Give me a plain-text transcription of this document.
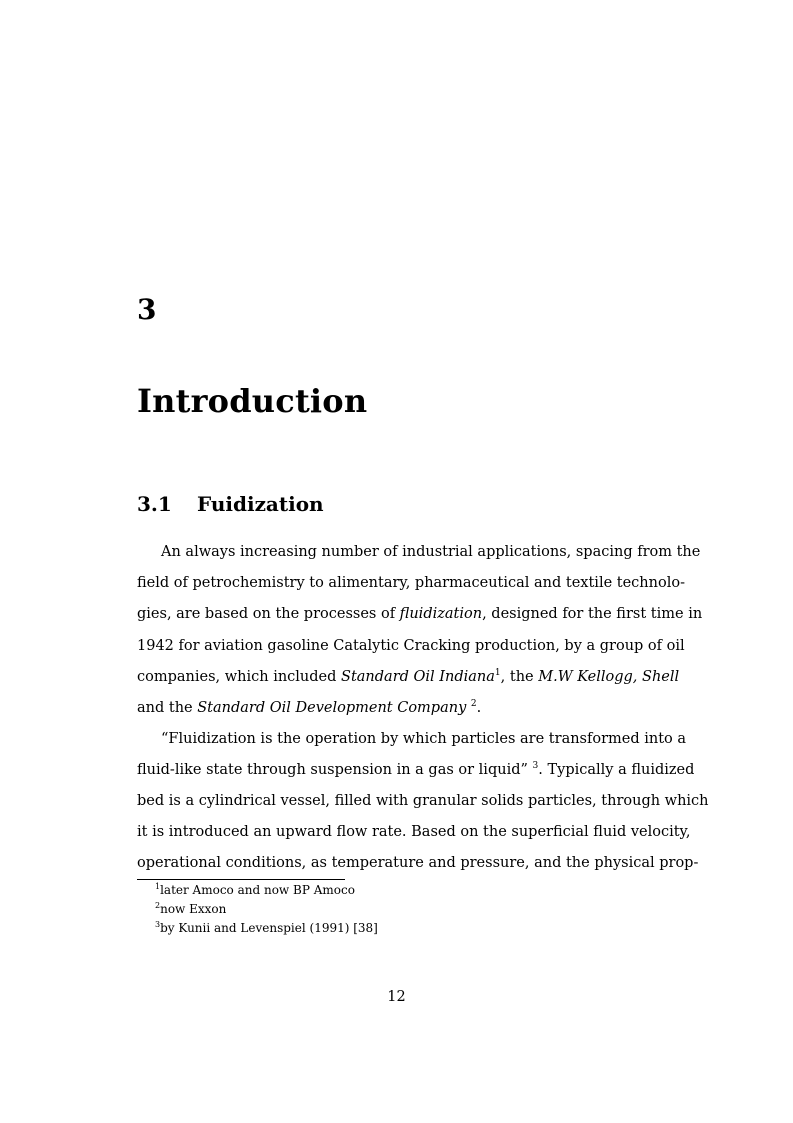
3
Introduction
3.1 Fuidization
An always increasing number of industrial applications, spacing from the
field of petrochemistry to alimentary, pharmaceutical and textile technolo-
gies, are based on the processes of fluidization, designed for the first time in
1942 for aviation gasoline Catalytic Cracking production, by a group of oil
companies, which included Standard Oil Indiana$^1$, the M.W Kellogg, Shell
and the Standard Oil Development Company $^2$.
“Fluidization is the operation by which particles are transformed into a
fluid-like state through suspension in a gas or liquid” $^3$. Typically a fluidized
bed is a cylindrical vessel, filled with granular solids particles, through which
it is introduced an upward flow rate. Based on the superficial fluid velocity,
operational conditions, as temperature and pressure, and the physical prop-
$^1$later Amoco and now BP Amoco
$^2$now Exxon
$^3$by Kunii and Levenspiel (1991) [38]
12
